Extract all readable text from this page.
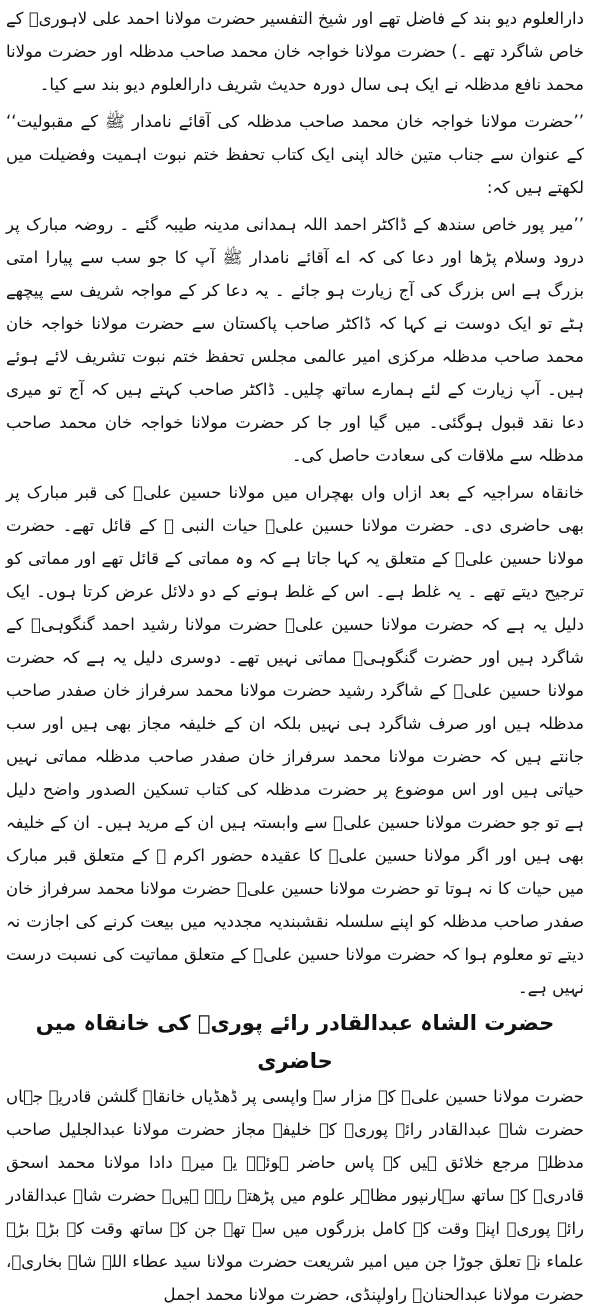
دارالعلوم دیو بند کے فاضل تھے اور شیخ التفسیر حضرت مولانا احمد علی لاہوریؒ کے خاص شاگرد تھے ۔) حضرت مولانا خواجہ خان محمد صاحب مدظلہ اور حضرت مولانا محمد نافع مدظلہ نے ایک ہی سال دورہ حدیث شریف دارالعلوم دیو بند سے کیا۔

’’حضرت مولانا خواجہ خان محمد صاحب مدظلہ کی آقائے نامدار ﷺ کے مقبولیت‘‘ کے عنوان سے جناب متین خالد اپنی ایک کتاب تحفظ ختم نبوت اہمیت وفضیلت میں لکھتے ہیں کہ:

’’میر پور خاص سندھ کے ڈاکٹر احمد اللہ ہمدانی مدینہ طیبہ گئے ۔ روضہ مبارک پر درود وسلام پڑھا اور دعا کی کہ اے آقائے نامدار ﷺ آپ کا جو سب سے پیارا امتی بزرگ ہے اس بزرگ کی آج زیارت ہو جائے ۔ یہ دعا کر کے مواجہ شریف سے پیچھے ہٹے تو ایک دوست نے کہا کہ ڈاکٹر صاحب پاکستان سے حضرت مولانا خواجہ خان محمد صاحب مدظلہ مرکزی امیر عالمی مجلس تحفظ ختم نبوت تشریف لائے ہوئے ہیں۔ آپ زیارت کے لئے ہمارے ساتھ چلیں۔ ڈاکٹر صاحب کہتے ہیں کہ آج تو میری دعا نقد قبول ہوگئی۔ میں گیا اور جا کر حضرت مولانا خواجہ خان محمد صاحب مدظلہ سے ملاقات کی سعادت حاصل کی۔

خانقاہ سراجیہ کے بعد ازاں واں بھچراں میں مولانا حسین علیؒ کی قبر مبارک پر بھی حاضری دی۔ حضرت مولانا حسین علیؒ حیات النبی ﷺ کے قائل تھے۔ حضرت مولانا حسین علیؒ کے متعلق یہ کہا جاتا ہے کہ وہ مماتی کے قائل تھے اور مماتی کو ترجیح دیتے تھے ۔ یہ غلط ہے۔ اس کے غلط ہونے کے دو دلائل عرض کرتا ہوں۔ ایک دلیل یہ ہے کہ حضرت مولانا حسین علیؒ حضرت مولانا رشید احمد گنگوہیؒ کے شاگرد ہیں اور حضرت گنگوہیؒ مماتی نہیں تھے۔ دوسری دلیل یہ ہے کہ حضرت مولانا حسین علیؒ کے شاگرد رشید حضرت مولانا محمد سرفراز خان صفدر صاحب مدظلہ ہیں اور صرف شاگرد ہی نہیں بلکہ ان کے خلیفہ مجاز بھی ہیں اور سب جانتے ہیں کہ حضرت مولانا محمد سرفراز خان صفدر صاحب مدظلہ مماتی نہیں حیاتی ہیں اور اس موضوع پر حضرت مدظلہ کی کتاب تسکین الصدور واضح دلیل ہے تو جو حضرت مولانا حسین علیؒ سے وابستہ ہیں ان کے مرید ہیں۔ ان کے خلیفہ بھی ہیں اور اگر مولانا حسین علیؒ کا عقیدہ حضور اکرم ﷺ کے متعلق قبر مبارک میں حیات کا نہ ہوتا تو حضرت مولانا حسین علیؒ حضرت مولانا محمد سرفراز خان صفدر صاحب مدظلہ کو اپنے سلسلہ نقشبندیہ مجددیہ میں بیعت کرنے کی اجازت نہ دیتے تو معلوم ہوا کہ حضرت مولانا حسین علیؒ کے متعلق مماتیت کی نسبت درست نہیں ہے۔

حضرت الشاہ عبدالقادر رائے پوریؒ کی خانقاہ میں حاضری

حضرت مولانا حسین علیؒ کے مزار سے واپسی پر ڈھڈیاں خانقاہ گلشن قادریہ جہاں حضرت شاہ عبدالقادر رائے پوریؒ کے خلیفہ مجاز حضرت مولانا عبدالجلیل صاحب مدظلہ مرجع خلائق ہیں کے پاس حاضر ہوئے۔ یہ میرے دادا مولانا محمد اسحق قادریؒ کے ساتھ سہارنپور مظاہر علوم میں پڑھتے رہے ہیں۔ حضرت شاہ عبدالقادر رائے پوریؒ اپنے وقت کے کامل بزرگوں میں سے تھے جن کے ساتھ وقت کے بڑے بڑے علماء نے تعلق جوڑا جن میں امیر شریعت حضرت مولانا سید عطاء اللہ شاہ بخاریؒ، حضرت مولانا عبدالحنانؒ راولپنڈی، حضرت مولانا محمد اجمل
